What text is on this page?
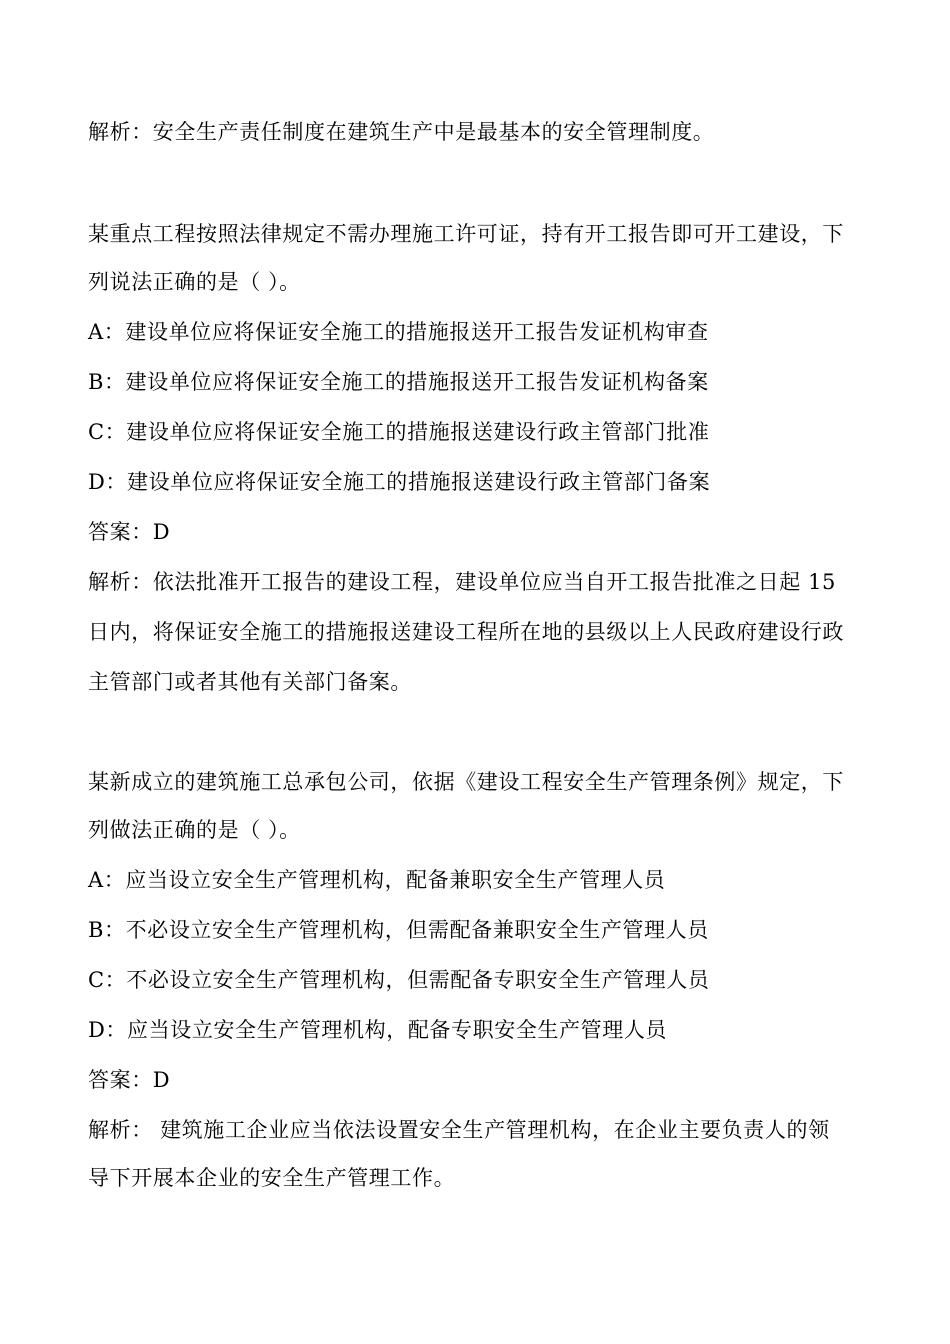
解析：安全生产责任制度在建筑生产中是最基本的安全管理制度。
某重点工程按照法律规定不需办理施工许可证，持有开工报告即可开工建设，下
列说法正确的是（ ）。
A：建设单位应将保证安全施工的措施报送开工报告发证机构审查
B：建设单位应将保证安全施工的措施报送开工报告发证机构备案
C：建设单位应将保证安全施工的措施报送建设行政主管部门批准
D：建设单位应将保证安全施工的措施报送建设行政主管部门备案
答案：D
解析：依法批准开工报告的建设工程，建设单位应当自开工报告批准之日起 15
日内，将保证安全施工的措施报送建设工程所在地的县级以上人民政府建设行政
主管部门或者其他有关部门备案。
某新成立的建筑施工总承包公司，依据《建设工程安全生产管理条例》规定，下
列做法正确的是（ ）。
A：应当设立安全生产管理机构，配备兼职安全生产管理人员
B：不必设立安全生产管理机构，但需配备兼职安全生产管理人员
C：不必设立安全生产管理机构，但需配备专职安全生产管理人员
D：应当设立安全生产管理机构，配备专职安全生产管理人员
答案：D
解析： 建筑施工企业应当依法设置安全生产管理机构，在企业主要负责人的领
导下开展本企业的安全生产管理工作。
